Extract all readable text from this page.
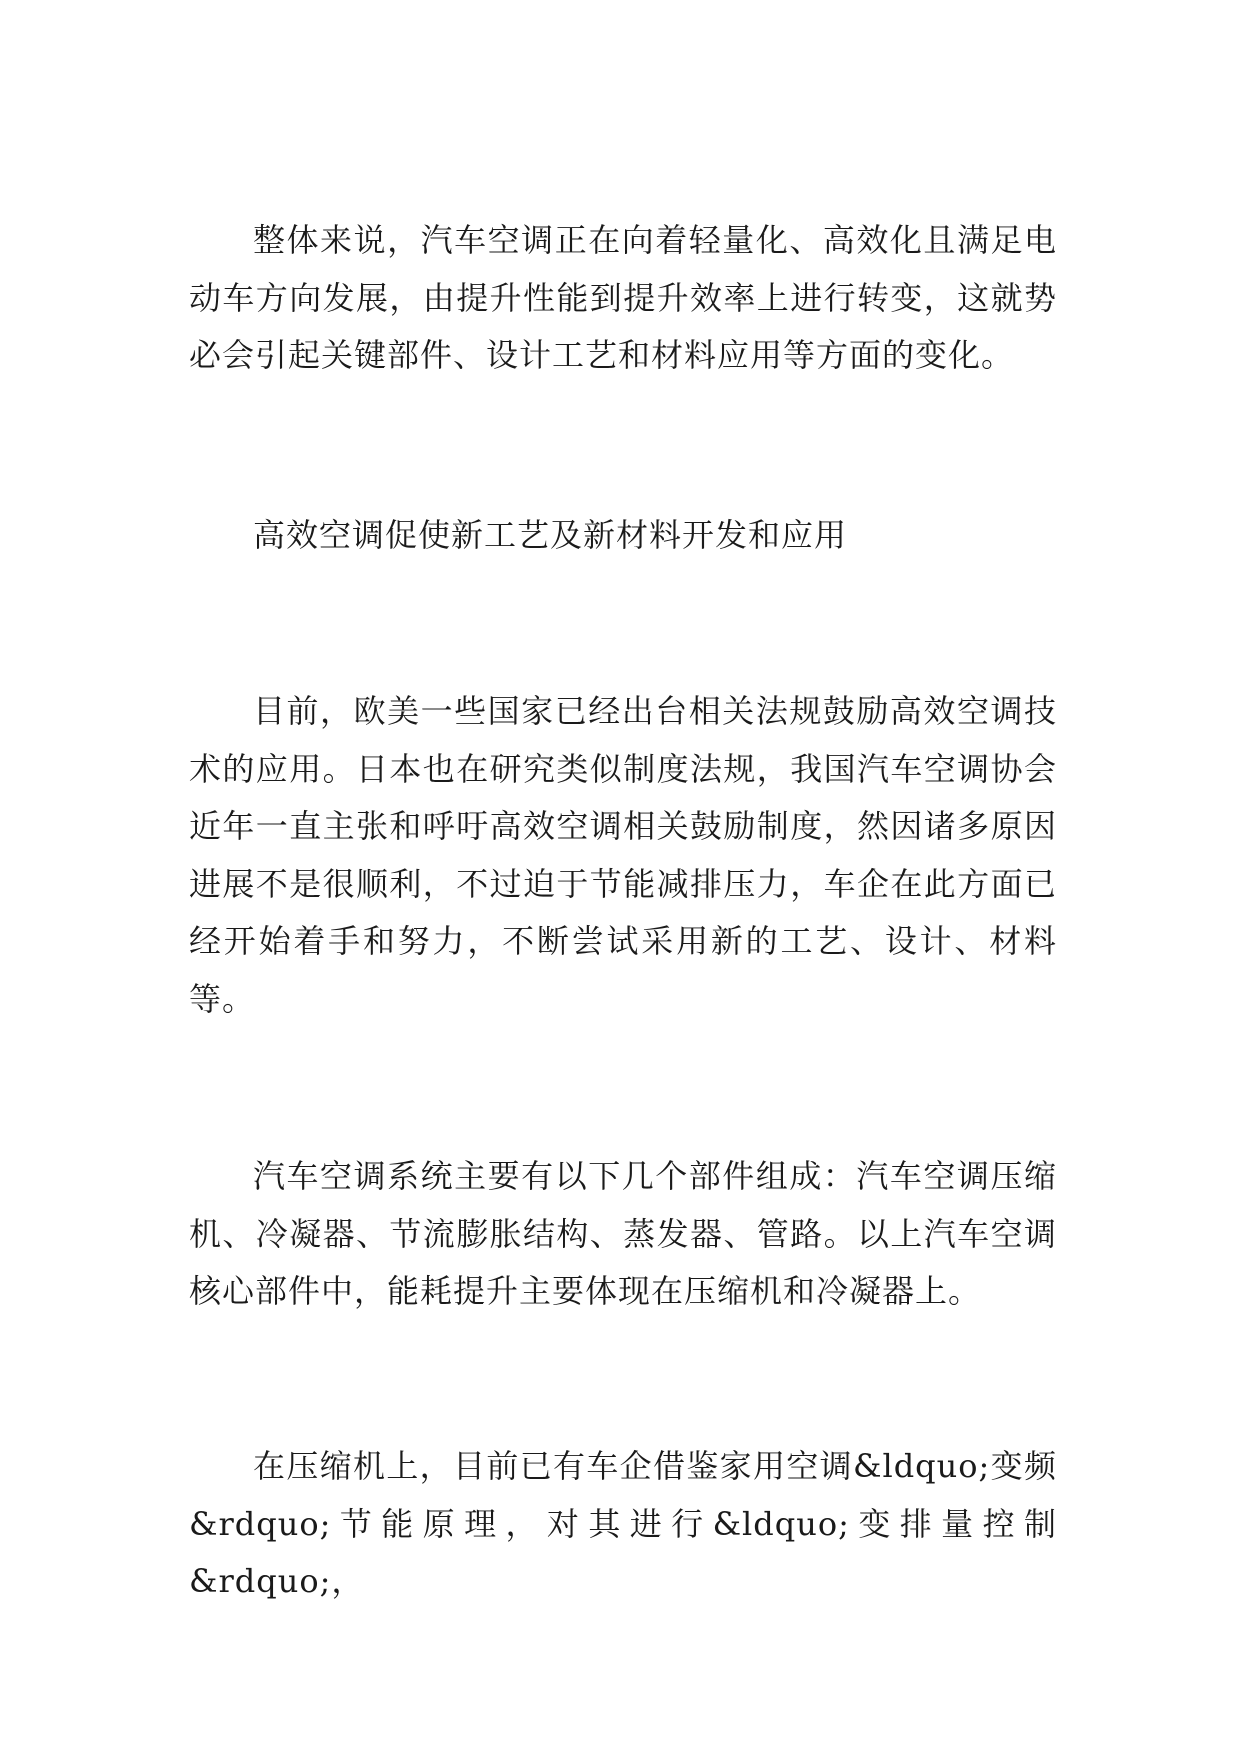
整体来说，汽车空调正在向着轻量化、高效化且满足电动车方向发展，由提升性能到提升效率上进行转变，这就势必会引起关键部件、设计工艺和材料应用等方面的变化。

高效空调促使新工艺及新材料开发和应用

目前，欧美一些国家已经出台相关法规鼓励高效空调技术的应用。日本也在研究类似制度法规，我国汽车空调协会近年一直主张和呼吁高效空调相关鼓励制度，然因诸多原因进展不是很顺利，不过迫于节能减排压力，车企在此方面已经开始着手和努力，不断尝试采用新的工艺、设计、材料等。

汽车空调系统主要有以下几个部件组成：汽车空调压缩机、冷凝器、节流膨胀结构、蒸发器、管路。以上汽车空调核心部件中，能耗提升主要体现在压缩机和冷凝器上。

在压缩机上，目前已有车企借鉴家用空调&ldquo;变频&rdquo;节能原理，对其进行&ldquo;变排量控制&rdquo;，
